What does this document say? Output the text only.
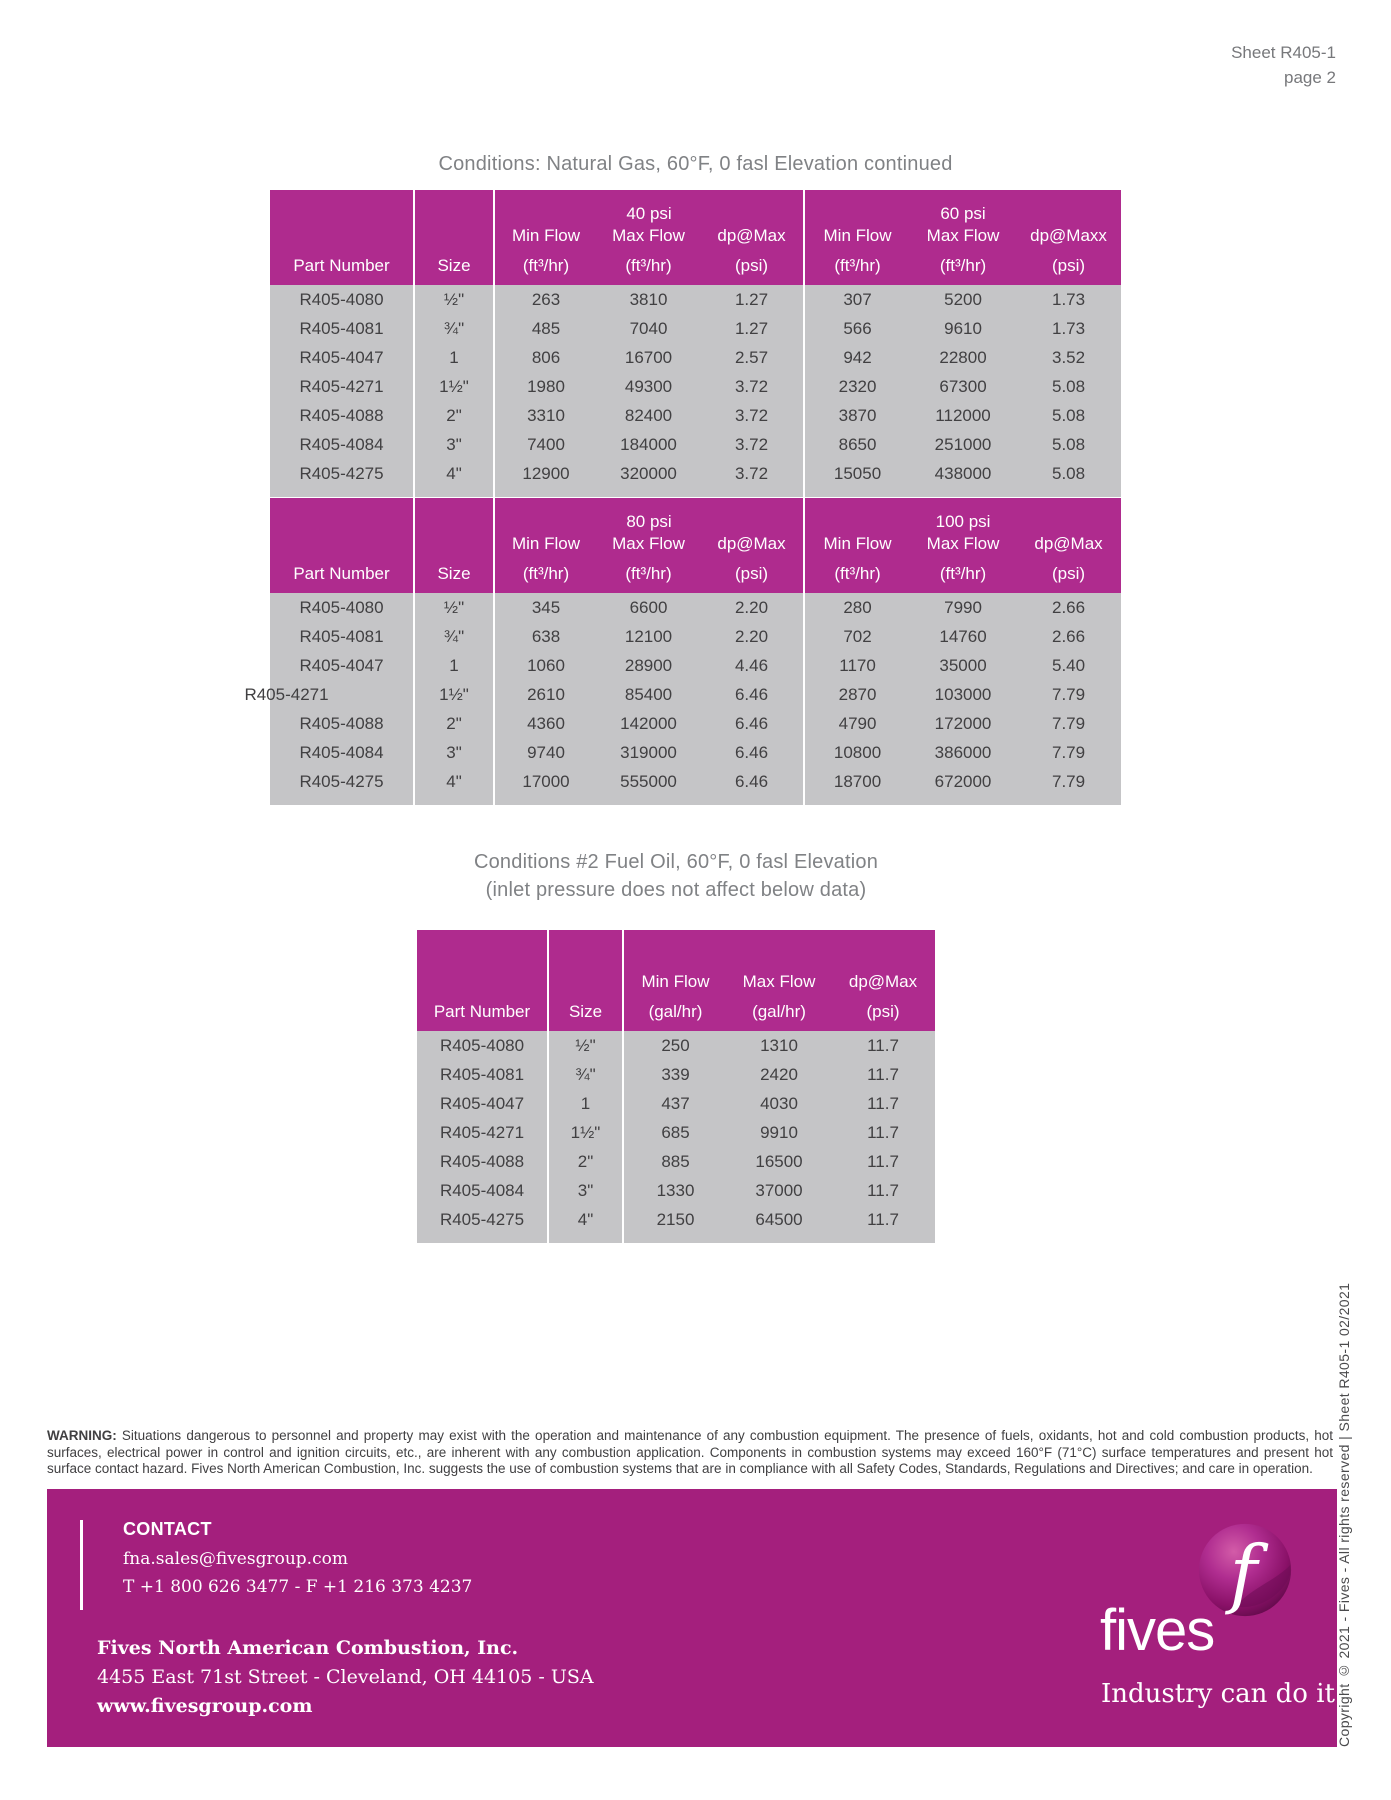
Sheet R405-1
page 2
Conditions: Natural Gas, 60°F, 0 fasl Elevation continued
		40 psi			60 psi		
		Min Flow	Max Flow	dp@Max	Min Flow	Max Flow	dp@Maxx
Part Number	Size	(ft³/hr)	(ft³/hr)	(psi)	(ft³/hr)	(ft³/hr)	(psi)
R405-4080	½"	263	3810	1.27	307	5200	1.73
R405-4081	¾"	485	7040	1.27	566	9610	1.73
R405-4047	1	806	16700	2.57	942	22800	3.52
R405-4271	1½"	1980	49300	3.72	2320	67300	5.08
R405-4088	2"	3310	82400	3.72	3870	112000	5.08
R405-4084	3"	7400	184000	3.72	8650	251000	5.08
R405-4275	4"	12900	320000	3.72	15050	438000	5.08

		80 psi			100 psi		
		Min Flow	Max Flow	dp@Max	Min Flow	Max Flow	dp@Max
Part Number	Size	(ft³/hr)	(ft³/hr)	(psi)	(ft³/hr)	(ft³/hr)	(psi)
R405-4080	½"	345	6600	2.20	280	7990	2.66
R405-4081	¾"	638	12100	2.20	702	14760	2.66
R405-4047	1	1060	28900	4.46	1170	35000	5.40
R405-4271	1½"	2610	85400	6.46	2870	103000	7.79
R405-4088	2"	4360	142000	6.46	4790	172000	7.79
R405-4084	3"	9740	319000	6.46	10800	386000	7.79
R405-4275	4"	17000	555000	6.46	18700	672000	7.79

Conditions #2 Fuel Oil, 60°F, 0 fasl Elevation
(inlet pressure does not affect below data)

		Min Flow	Max Flow	dp@Max
Part Number	Size	(gal/hr)	(gal/hr)	(psi)
R405-4080	½"	250	1310	11.7
R405-4081	¾"	339	2420	11.7
R405-4047	1	437	4030	11.7
R405-4271	1½"	685	9910	11.7
R405-4088	2"	885	16500	11.7
R405-4084	3"	1330	37000	11.7
R405-4275	4"	2150	64500	11.7

WARNING: Situations dangerous to personnel and property may exist with the operation and maintenance of any combustion equipment. The presence of fuels, oxidants, hot and cold combustion products, hot surfaces, electrical power in control and ignition circuits, etc., are inherent with any combustion application. Components in combustion systems may exceed 160°F (71°C) surface temperatures and present hot surface contact hazard. Fives North American Combustion, Inc. suggests the use of combustion systems that are in compliance with all Safety Codes, Standards, Regulations and Directives; and care in operation.
CONTACT
fna.sales@fivesgroup.com
T +1 800 626 3477 - F +1 216 373 4237
Fives North American Combustion, Inc.
4455 East 71st Street - Cleveland, OH 44105 - USA
www.fivesgroup.com
f
fives
Industry can do it Copyright © 2021 - Fives - All rights reserved | Sheet R405-1 02/2021
